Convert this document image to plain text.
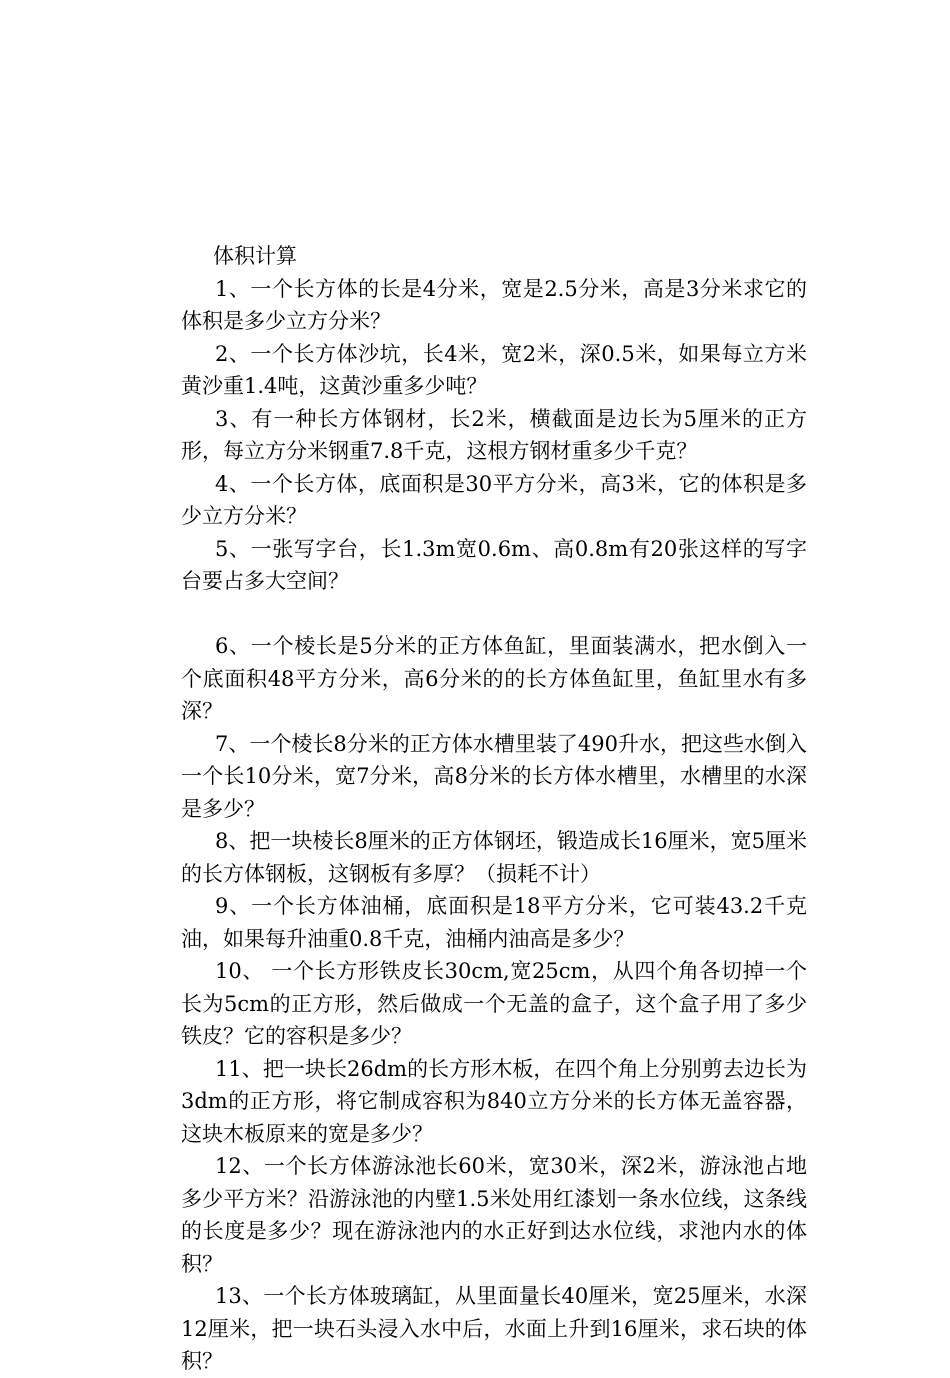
体积计算

1、一个长方体的长是4分米，宽是2.5分米，高是3分米求它的体积是多少立方分米？

2、一个长方体沙坑，长4米，宽2米，深0.5米，如果每立方米黄沙重1.4吨，这黄沙重多少吨？

3、有一种长方体钢材，长2米，横截面是边长为5厘米的正方形，每立方分米钢重7.8千克，这根方钢材重多少千克？

4、一个长方体，底面积是30平方分米，高3米，它的体积是多少立方分米？

5、一张写字台，长1.3m宽0.6m、高0.8m有20张这样的写字台要占多大空间？

6、一个棱长是5分米的正方体鱼缸，里面装满水，把水倒入一个底面积48平方分米，高6分米的的长方体鱼缸里，鱼缸里水有多深？

7、一个棱长8分米的正方体水槽里装了490升水，把这些水倒入一个长10分米，宽7分米，高8分米的长方体水槽里，水槽里的水深是多少？

8、把一块棱长8厘米的正方体钢坯，锻造成长16厘米，宽5厘米的长方体钢板，这钢板有多厚？（损耗不计）

9、一个长方体油桶，底面积是18平方分米，它可装43.2千克油，如果每升油重0.8千克，油桶内油高是多少？

10、 一个长方形铁皮长30cm,宽25cm，从四个角各切掉一个长为5cm的正方形，然后做成一个无盖的盒子，这个盒子用了多少铁皮？它的容积是多少？

11、把一块长26dm的长方形木板，在四个角上分别剪去边长为3dm的正方形，将它制成容积为840立方分米的长方体无盖容器，这块木板原来的宽是多少？

12、一个长方体游泳池长60米，宽30米，深2米，游泳池占地多少平方米？沿游泳池的内壁1.5米处用红漆划一条水位线，这条线的长度是多少？现在游泳池内的水正好到达水位线，求池内水的体积？

13、一个长方体玻璃缸，从里面量长40厘米，宽25厘米，水深12厘米，把一块石头浸入水中后，水面上升到16厘米，求石块的体积？
